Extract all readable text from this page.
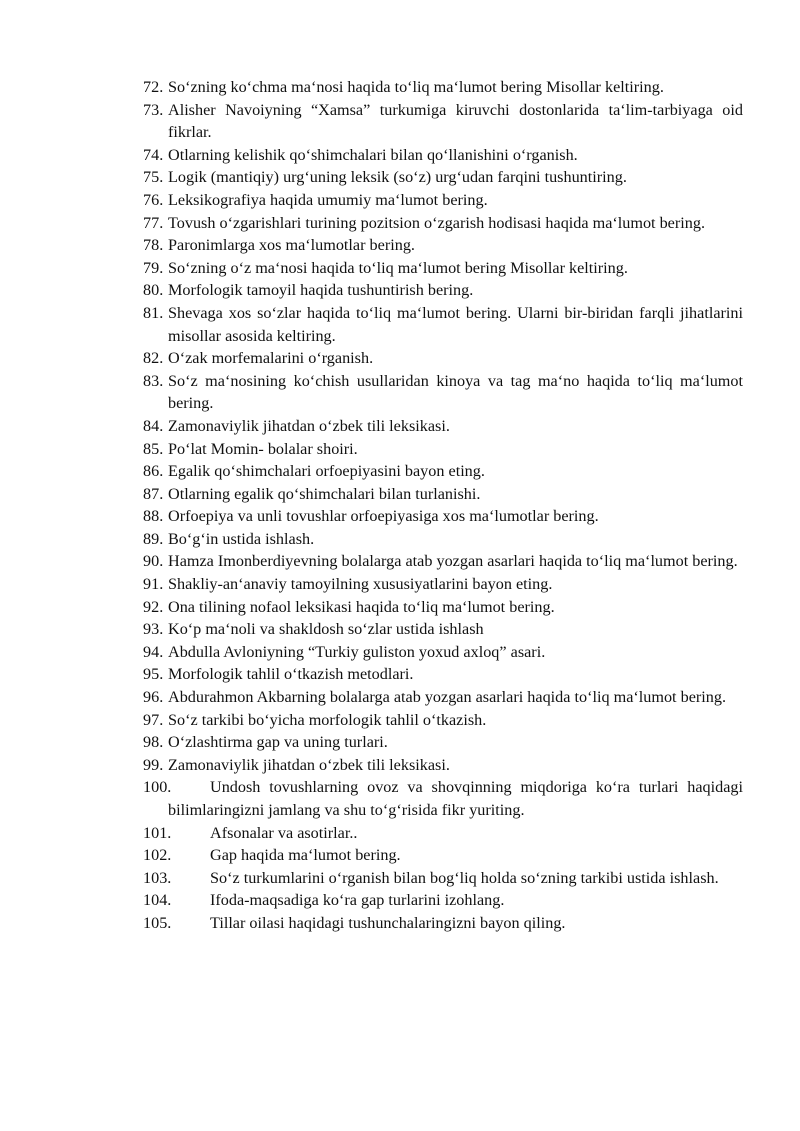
72. So‘zning ko‘chma ma‘nosi haqida to‘liq ma‘lumot bering Misollar keltiring.
73. Alisher Navoiyning “Xamsa” turkumiga kiruvchi dostonlarida ta‘lim-tarbiyaga oid fikrlar.
74. Otlarning kelishik qo‘shimchalari bilan qo‘llanishini o‘rganish.
75. Logik (mantiqiy) urg‘uning leksik (so‘z) urg‘udan farqini tushuntiring.
76. Leksikografiya haqida umumiy ma‘lumot bering.
77. Tovush o‘zgarishlari turining pozitsion o‘zgarish hodisasi haqida ma‘lumot bering.
78. Paronimlarga xos ma‘lumotlar bering.
79. So‘zning o‘z ma‘nosi haqida to‘liq ma‘lumot bering Misollar keltiring.
80. Morfologik tamoyil haqida tushuntirish bering.
81. Shevaga xos so‘zlar haqida to‘liq ma‘lumot bering. Ularni bir-biridan farqli jihatlarini misollar asosida keltiring.
82. O‘zak morfemalarini o‘rganish.
83. So‘z ma‘nosining ko‘chish usullaridan kinoya va tag ma‘no haqida to‘liq ma‘lumot bering.
84. Zamonaviylik jihatdan o‘zbek tili leksikasi.
85. Po‘lat Momin- bolalar shoiri.
86. Egalik qo‘shimchalari orfoepiyasini bayon eting.
87. Otlarning egalik qo‘shimchalari bilan turlanishi.
88. Orfoepiya va unli tovushlar orfoepiyasiga xos ma‘lumotlar bering.
89. Bo‘g‘in ustida ishlash.
90. Hamza Imonberdiyevning bolalarga atab yozgan asarlari haqida to‘liq ma‘lumot bering.
91. Shakliy-an‘anaviy tamoyilning xususiyatlarini bayon eting.
92. Ona tilining nofaol leksikasi haqida to‘liq ma‘lumot bering.
93. Ko‘p ma‘noli va shakldosh so‘zlar ustida ishlash
94. Abdulla Avloniyning “Turkiy guliston yoxud axloq” asari.
95. Morfologik tahlil o‘tkazish metodlari.
96. Abdurahmon Akbarning bolalarga atab yozgan asarlari haqida to‘liq ma‘lumot bering.
97. So‘z tarkibi bo‘yicha morfologik tahlil o‘tkazish.
98. O‘zlashtirma gap va uning turlari.
99. Zamonaviylik jihatdan o‘zbek tili leksikasi.
100. Undosh tovushlarning ovoz va shovqinning miqdoriga ko‘ra turlari haqidagi bilimlaringizni jamlang va shu to‘g‘risida fikr yuriting.
101. Afsonalar va asotirlar..
102. Gap haqida ma‘lumot bering.
103. So‘z turkumlarini o‘rganish bilan bog‘liq holda so‘zning tarkibi ustida ishlash.
104. Ifoda-maqsadiga ko‘ra gap turlarini izohlang.
105. Tillar oilasi haqidagi tushunchalaringizni bayon qiling.
